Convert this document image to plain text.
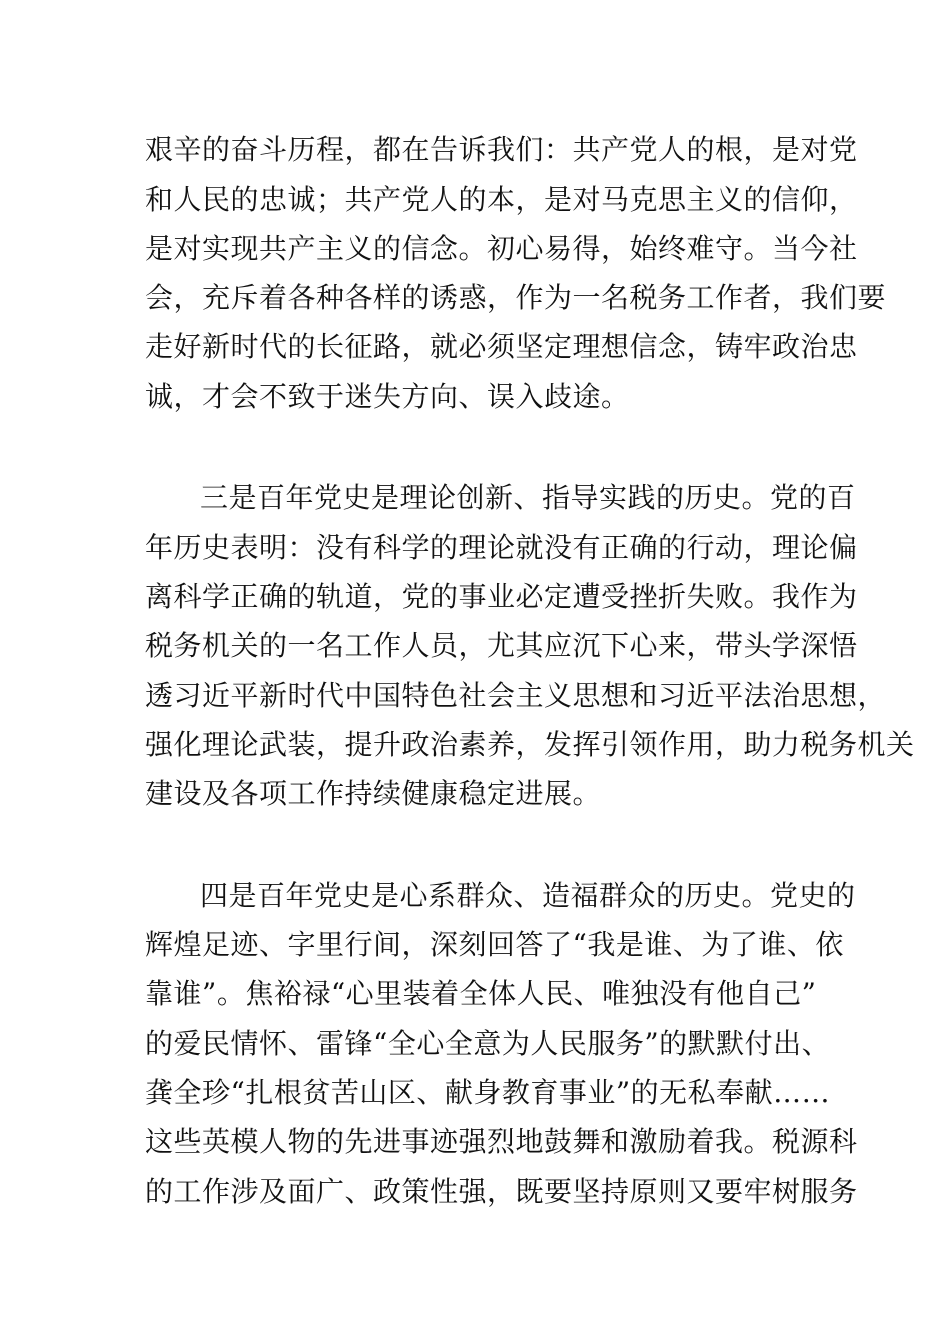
艰辛的奋斗历程，都在告诉我们：共产党人的根，是对党
和人民的忠诚；共产党人的本，是对马克思主义的信仰，
是对实现共产主义的信念。初心易得，始终难守。当今社
会，充斥着各种各样的诱惑，作为一名税务工作者，我们要
走好新时代的长征路，就必须坚定理想信念，铸牢政治忠
诚，才会不致于迷失方向、误入歧途。
三是百年党史是理论创新、指导实践的历史。党的百
年历史表明：没有科学的理论就没有正确的行动，理论偏
离科学正确的轨道，党的事业必定遭受挫折失败。我作为
税务机关的一名工作人员，尤其应沉下心来，带头学深悟
透习近平新时代中国特色社会主义思想和习近平法治思想，
强化理论武装，提升政治素养，发挥引领作用，助力税务机关
建设及各项工作持续健康稳定进展。
四是百年党史是心系群众、造福群众的历史。党史的
辉煌足迹、字里行间，深刻回答了“我是谁、为了谁、依
靠谁”。焦裕禄“心里装着全体人民、唯独没有他自己”
的爱民情怀、雷锋“全心全意为人民服务”的默默付出、
龚全珍“扎根贫苦山区、献身教育事业”的无私奉献……
这些英模人物的先进事迹强烈地鼓舞和激励着我。税源科
的工作涉及面广、政策性强，既要坚持原则又要牢树服务
